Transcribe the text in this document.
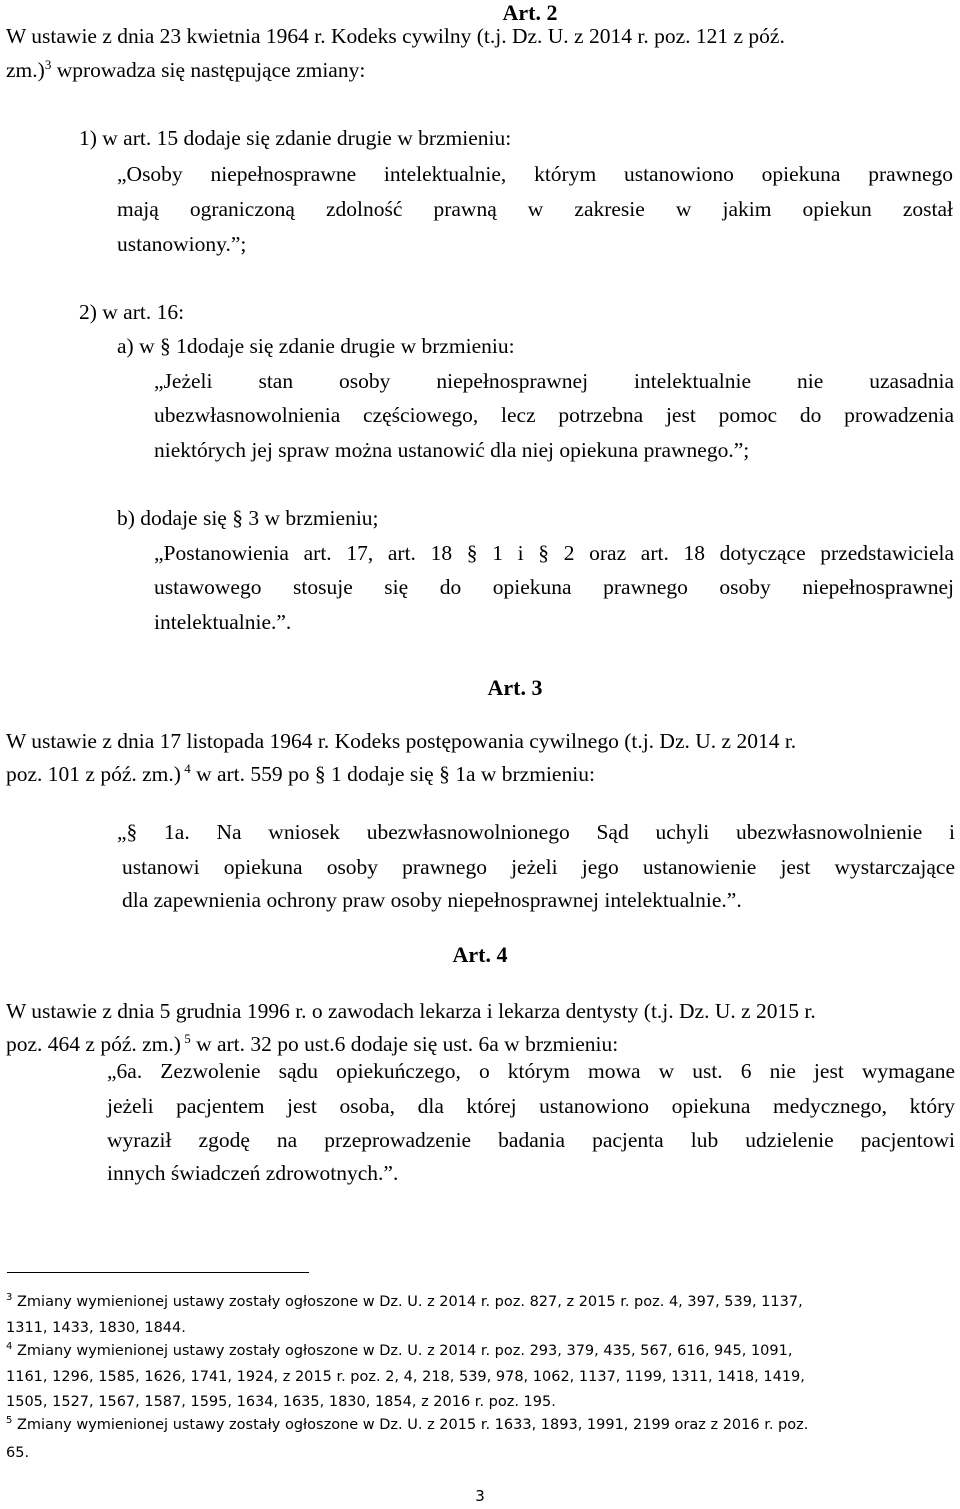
Art. 2
W ustawie z dnia 23 kwietnia 1964 r. Kodeks cywilny (t.j. Dz. U. z 2014 r. poz. 121 z póź.
zm.)$^3$ wprowadza się następujące zmiany:
1) w art. 15 dodaje się zdanie drugie w brzmieniu:
„Osoby niepełnosprawne intelektualnie, którym ustanowiono opiekuna prawnego
mają ograniczoną zdolność prawną w zakresie w jakim opiekun został
ustanowiony.”;
2) w art. 16:
a) w § 1dodaje się zdanie drugie w brzmieniu:
„Jeżeli stan osoby niepełnosprawnej intelektualnie nie uzasadnia
ubezwłasnowolnienia częściowego, lecz potrzebna jest pomoc do prowadzenia
niektórych jej spraw można ustanowić dla niej opiekuna prawnego.”;
b) dodaje się § 3 w brzmieniu;
„Postanowienia art. 17, art. 18 § 1 i § 2 oraz art. 18 dotyczące przedstawiciela
ustawowego stosuje się do opiekuna prawnego osoby niepełnosprawnej
intelektualnie.”.
Art. 3
W ustawie z dnia 17 listopada 1964 r. Kodeks postępowania cywilnego (t.j. Dz. U. z 2014 r.
poz. 101 z póź. zm.) $^4$ w art. 559 po § 1 dodaje się § 1a w brzmieniu:
„§ 1a. Na wniosek ubezwłasnowolnionego Sąd uchyli ubezwłasnowolnienie i
ustanowi opiekuna osoby prawnego jeżeli jego ustanowienie jest wystarczające
dla zapewnienia ochrony praw osoby niepełnosprawnej intelektualnie.”.
Art. 4
W ustawie z dnia 5 grudnia 1996 r. o zawodach lekarza i lekarza dentysty (t.j. Dz. U. z 2015 r.
poz. 464 z póź. zm.) $^5$ w art. 32 po ust.6 dodaje się ust. 6a w brzmieniu:
„6a. Zezwolenie sądu opiekuńczego, o którym mowa w ust. 6 nie jest wymagane
jeżeli pacjentem jest osoba, dla której ustanowiono opiekuna medycznego, który
wyraził zgodę na przeprowadzenie badania pacjenta lub udzielenie pacjentowi
innych świadczeń zdrowotnych.”.
$^3$ Zmiany wymienionej ustawy zostały ogłoszone w Dz. U. z 2014 r. poz. 827, z 2015 r. poz. 4, 397, 539, 1137,
1311, 1433, 1830, 1844.
$^4$ Zmiany wymienionej ustawy zostały ogłoszone w Dz. U. z 2014 r. poz. 293, 379, 435, 567, 616, 945, 1091,
1161, 1296, 1585, 1626, 1741, 1924, z 2015 r. poz. 2, 4, 218, 539, 978, 1062, 1137, 1199, 1311, 1418, 1419,
1505, 1527, 1567, 1587, 1595, 1634, 1635, 1830, 1854, z 2016 r. poz. 195.
$^5$ Zmiany wymienionej ustawy zostały ogłoszone w Dz. U. z 2015 r. 1633, 1893, 1991, 2199 oraz z 2016 r. poz.
65.
3
